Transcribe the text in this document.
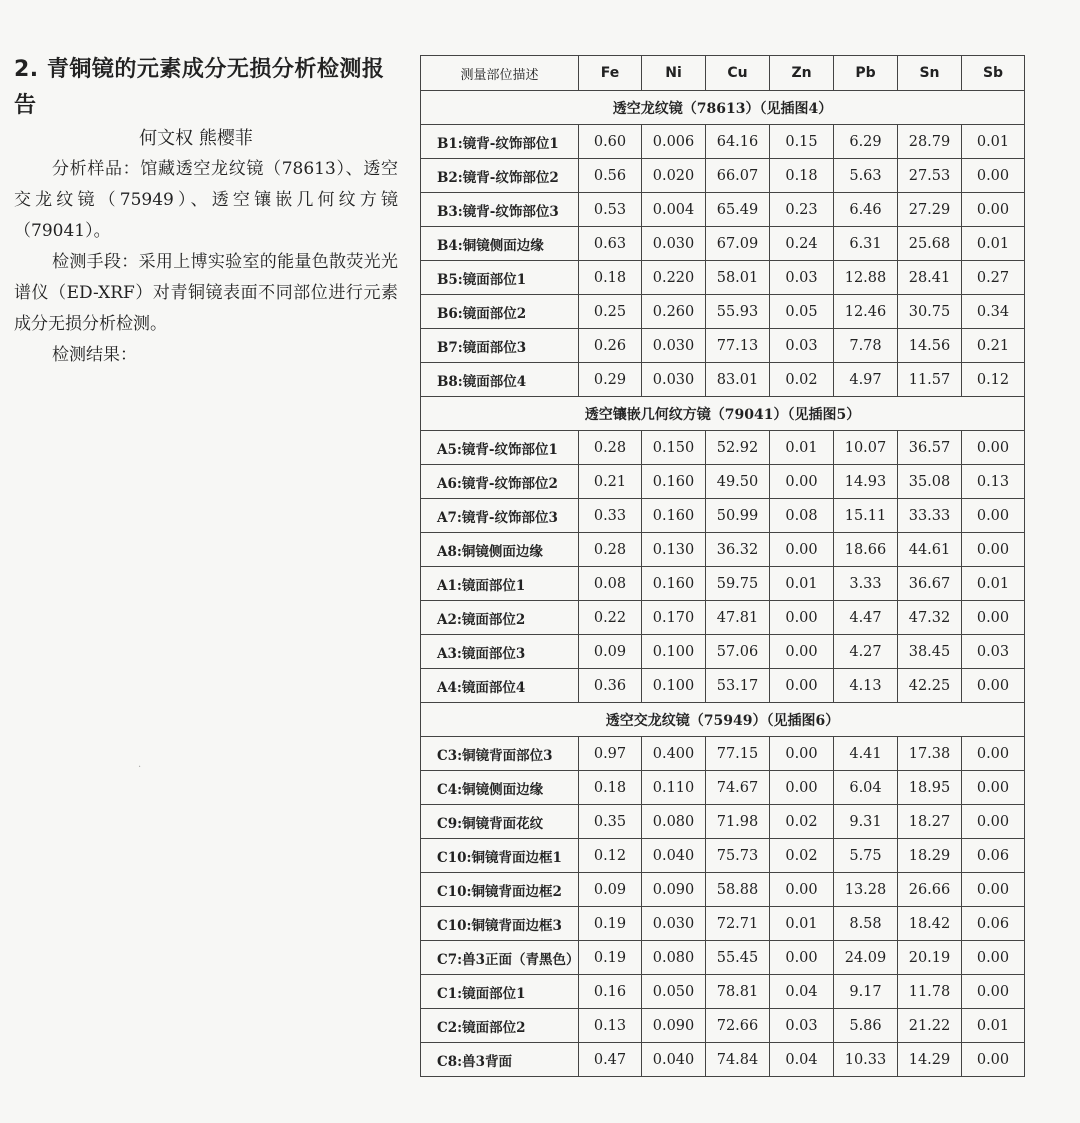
2. 青铜镜的元素成分无损分析检测报告
何文权 熊樱菲

分析样品：馆藏透空龙纹镜（78613）、透空交龙纹镜（75949）、透空镶嵌几何纹方镜（79041）。

检测手段：采用上博实验室的能量色散荧光光谱仪（ED-XRF）对青铜镜表面不同部位进行元素成分无损分析检测。

检测结果：

·
测量部位描述	Fe	Ni	Cu	Zn	Pb	Sn	Sb
透空龙纹镜（78613）（见插图4）							
B1:镜背-纹饰部位1	0.60	0.006	64.16	0.15	6.29	28.79	0.01
B2:镜背-纹饰部位2	0.56	0.020	66.07	0.18	5.63	27.53	0.00
B3:镜背-纹饰部位3	0.53	0.004	65.49	0.23	6.46	27.29	0.00
B4:铜镜侧面边缘	0.63	0.030	67.09	0.24	6.31	25.68	0.01
B5:镜面部位1	0.18	0.220	58.01	0.03	12.88	28.41	0.27
B6:镜面部位2	0.25	0.260	55.93	0.05	12.46	30.75	0.34
B7:镜面部位3	0.26	0.030	77.13	0.03	7.78	14.56	0.21
B8:镜面部位4	0.29	0.030	83.01	0.02	4.97	11.57	0.12
透空镶嵌几何纹方镜（79041）（见插图5）							
A5:镜背-纹饰部位1	0.28	0.150	52.92	0.01	10.07	36.57	0.00
A6:镜背-纹饰部位2	0.21	0.160	49.50	0.00	14.93	35.08	0.13
A7:镜背-纹饰部位3	0.33	0.160	50.99	0.08	15.11	33.33	0.00
A8:铜镜侧面边缘	0.28	0.130	36.32	0.00	18.66	44.61	0.00
A1:镜面部位1	0.08	0.160	59.75	0.01	3.33	36.67	0.01
A2:镜面部位2	0.22	0.170	47.81	0.00	4.47	47.32	0.00
A3:镜面部位3	0.09	0.100	57.06	0.00	4.27	38.45	0.03
A4:镜面部位4	0.36	0.100	53.17	0.00	4.13	42.25	0.00
透空交龙纹镜（75949）（见插图6）							
C3:铜镜背面部位3	0.97	0.400	77.15	0.00	4.41	17.38	0.00
C4:铜镜侧面边缘	0.18	0.110	74.67	0.00	6.04	18.95	0.00
C9:铜镜背面花纹	0.35	0.080	71.98	0.02	9.31	18.27	0.00
C10:铜镜背面边框1	0.12	0.040	75.73	0.02	5.75	18.29	0.06
C10:铜镜背面边框2	0.09	0.090	58.88	0.00	13.28	26.66	0.00
C10:铜镜背面边框3	0.19	0.030	72.71	0.01	8.58	18.42	0.06
C7:兽3正面（青黑色）	0.19	0.080	55.45	0.00	24.09	20.19	0.00
C1:镜面部位1	0.16	0.050	78.81	0.04	9.17	11.78	0.00
C2:镜面部位2	0.13	0.090	72.66	0.03	5.86	21.22	0.01
C8:兽3背面	0.47	0.040	74.84	0.04	10.33	14.29	0.00
